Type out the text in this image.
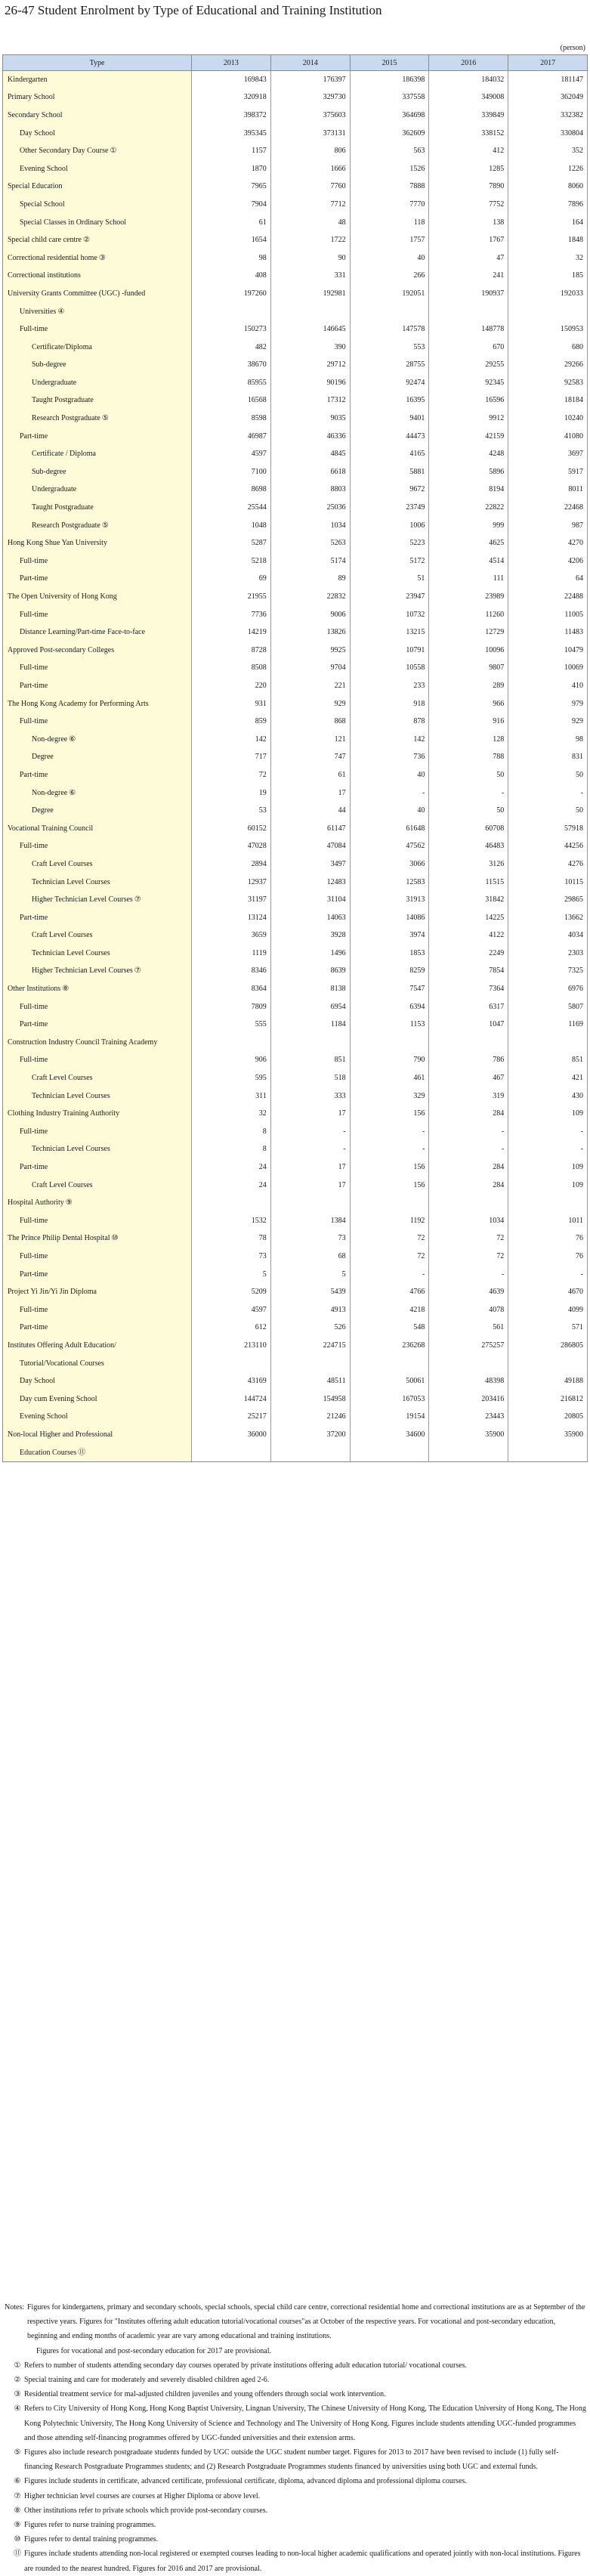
26-47 Student Enrolment by Type of Educational and Training Institution
(person)
Type	2013	2014	2015	2016	2017
Kindergarten	169843	176397	186398	184032	181147
Primary School	320918	329730	337558	349008	362049
Secondary School	398372	375603	364698	339849	332382
Day School	395345	373131	362609	338152	330804
Other Secondary Day Course ①	1157	806	563	412	352
Evening School	1870	1666	1526	1285	1226
Special Education	7965	7760	7888	7890	8060
Special School	7904	7712	7770	7752	7896
Special Classes in Ordinary School	61	48	118	138	164
Special child care centre ②	1654	1722	1757	1767	1848
Correctional residential home ③	98	90	40	47	32
Correctional institutions	408	331	266	241	185
University Grants Committee (UGC) -funded	197260	192981	192051	190937	192033
Universities ④					
Full-time	150273	146645	147578	148778	150953
Certificate/Diploma	482	390	553	670	680
Sub-degree	38670	29712	28755	29255	29266
Undergraduate	85955	90196	92474	92345	92583
Taught Postgraduate	16568	17312	16395	16596	18184
Research Postgraduate ⑤	8598	9035	9401	9912	10240
Part-time	46987	46336	44473	42159	41080
Certificate / Diploma	4597	4845	4165	4248	3697
Sub-degree	7100	6618	5881	5896	5917
Undergraduate	8698	8803	9672	8194	8011
Taught Postgraduate	25544	25036	23749	22822	22468
Research Postgraduate ⑤	1048	1034	1006	999	987
Hong Kong Shue Yan University	5287	5263	5223	4625	4270
Full-time	5218	5174	5172	4514	4206
Part-time	69	89	51	111	64
The Open University of Hong Kong	21955	22832	23947	23989	22488
Full-time	7736	9006	10732	11260	11005
Distance Learning/Part-time Face-to-face	14219	13826	13215	12729	11483
Approved Post-secondary Colleges	8728	9925	10791	10096	10479
Full-time	8508	9704	10558	9807	10069
Part-time	220	221	233	289	410
The Hong Kong Academy for Performing Arts	931	929	918	966	979
Full-time	859	868	878	916	929
Non-degree ⑥	142	121	142	128	98
Degree	717	747	736	788	831
Part-time	72	61	40	50	50
Non-degree ⑥	19	17	-	-	-
Degree	53	44	40	50	50
Vocational Training Council	60152	61147	61648	60708	57918
Full-time	47028	47084	47562	46483	44256
Craft Level Courses	2894	3497	3066	3126	4276
Technician Level Courses	12937	12483	12583	11515	10115
Higher Technician Level Courses ⑦	31197	31104	31913	31842	29865
Part-time	13124	14063	14086	14225	13662
Craft Level Courses	3659	3928	3974	4122	4034
Technician Level Courses	1119	1496	1853	2249	2303
Higher Technician Level Courses ⑦	8346	8639	8259	7854	7325
Other Institutions ⑧	8364	8138	7547	7364	6976
Full-time	7809	6954	6394	6317	5807
Part-time	555	1184	1153	1047	1169
Construction Industry Council Training Academy					
Full-time	906	851	790	786	851
Craft Level Courses	595	518	461	467	421
Technician Level Courses	311	333	329	319	430
Clothing Industry Training Authority	32	17	156	284	109
Full-time	8	-	-	-	-
Technician Level Courses	8	-	-	-	-
Part-time	24	17	156	284	109
Craft Level Courses	24	17	156	284	109
Hospital Authority ⑨					
Full-time	1532	1384	1192	1034	1011
The Prince Philip Dental Hospital ⑩	78	73	72	72	76
Full-time	73	68	72	72	76
Part-time	5	5	-	-	-
Project Yi Jin/Yi Jin Diploma	5209	5439	4766	4639	4670
Full-time	4597	4913	4218	4078	4099
Part-time	612	526	548	561	571
Institutes Offering Adult Education/	213110	224715	236268	275257	286805
Tutorial/Vocational Courses					
Day School	43169	48511	50061	48398	49188
Day cum Evening School	144724	154958	167053	203416	216812
Evening School	25217	21246	19154	23443	20805
Non-local Higher and Professional	36000	37200	34600	35900	35900
Education Courses ⑪					
Notes: Figures for kindergartens, primary and secondary schools, special schools, special child care centre, correctional residential home and correctional institutions are as at September of the respective years. Figures for "Institutes offering adult education tutorial/vocational courses"as at October of the respective years. For vocational and post-secondary education, beginning and ending months of academic year are vary among educational and training institutions.
Figures for vocational and post-secondary education for 2017 are provisional.
① Refers to number of students attending secondary day courses operated by private institutions offering adult education tutorial/ vocational courses.
② Special training and care for moderately and severely disabled children aged 2-6.
③ Residential treatment service for mal-adjusted children juveniles and young offenders through social work intervention.
④ Refers to City University of Hong Kong, Hong Kong Baptist University, Lingnan University, The Chinese University of Hong Kong, The Education University of Hong Kong, The Hong Kong Polytechnic University, The Hong Kong University of Science and Technology and The University of Hong Kong. Figures include students attending UGC-funded programmes and those attending self-financing programmes offered by UGC-funded universities and their extension arms.
⑤ Figures also include research postgraduate students funded by UGC outside the UGC student number target. Figures for 2013 to 2017 have been revised to include (1) fully self-financing Research Postgraduate Programmes students; and (2) Research Postgraduate Programmes students financed by universities using both UGC and external funds.
⑥ Figures include students in certificate, advanced certificate, professional certificate, diploma, advanced diploma and professional diploma courses.
⑦ Higher technician level courses are courses at Higher Diploma or above level.
⑧ Other institutions refer to private schools which provide post-secondary courses.
⑨ Figures refer to nurse training programmes.
⑩ Figures refer to dental training programmes.
⑪ Figures include students attending non-local registered or exempted courses leading to non-local higher academic qualifications and operated jointly with non-local institutions. Figures are rounded to the nearest hundred. Figures for 2016 and 2017 are provisional.
